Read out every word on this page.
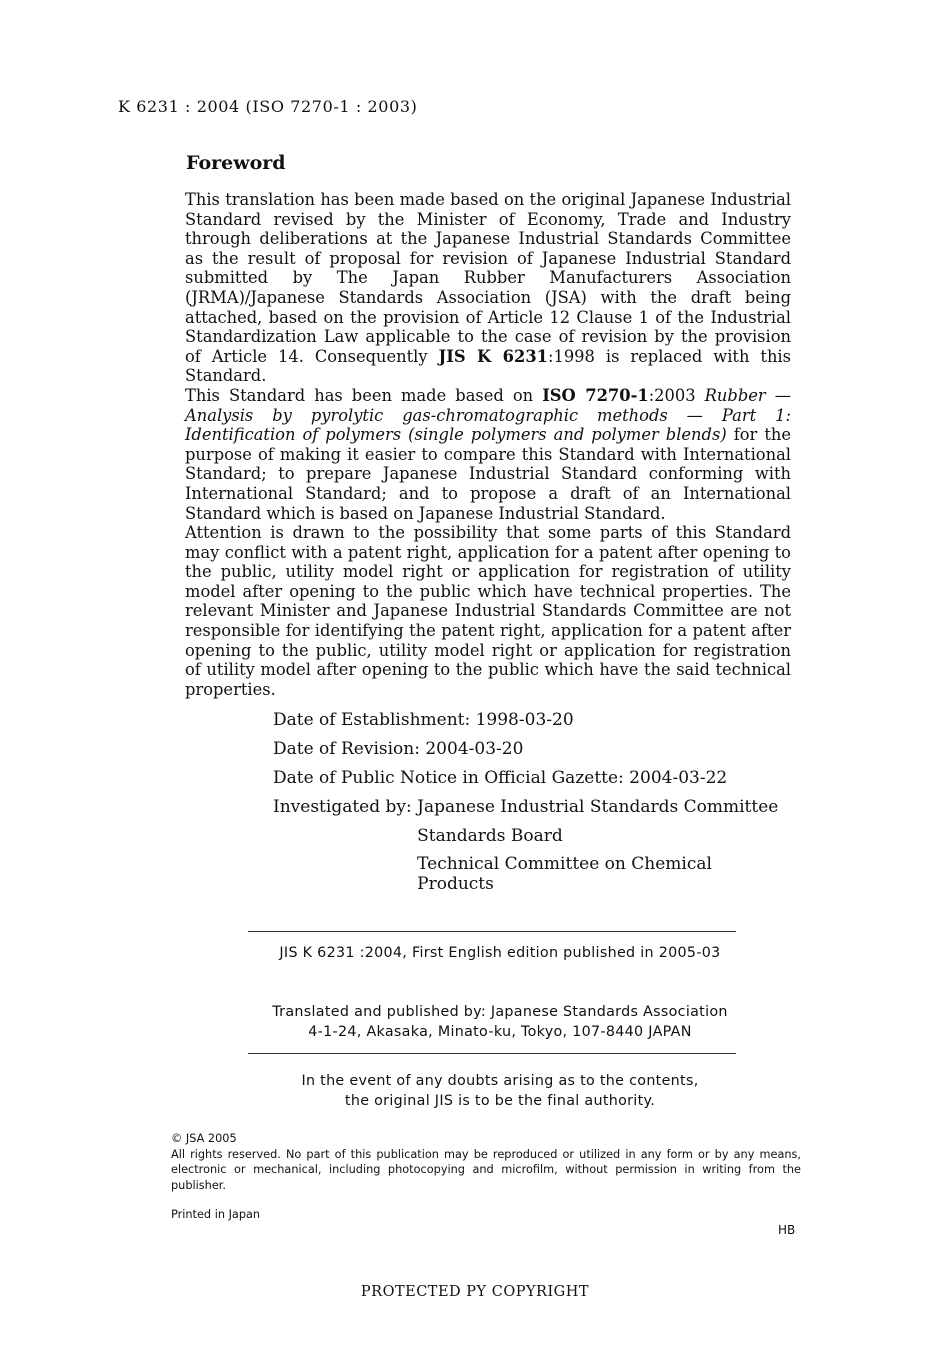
K 6231 : 2004 (ISO 7270-1 : 2003)
Foreword

This translation has been made based on the original Japanese Industrial Standard revised by the Minister of Economy, Trade and Industry through deliberations at the Japanese Industrial Standards Committee as the result of proposal for revision of Japanese Industrial Standard submitted by The Japan Rubber Manufacturers Association (JRMA)/Japanese Standards Association (JSA) with the draft being attached, based on the provision of Article 12 Clause 1 of the Industrial Standardization Law applicable to the case of revision by the provision of Article 14. Consequently JIS K 6231:1998 is replaced with this Standard.

This Standard has been made based on ISO 7270-1:2003 Rubber — Analysis by pyrolytic gas-chromatographic methods — Part 1: Identification of polymers (single polymers and polymer blends) for the purpose of making it easier to compare this Standard with International Standard; to prepare Japanese Industrial Standard conforming with International Standard; and to propose a draft of an International Standard which is based on Japanese Industrial Standard.

Attention is drawn to the possibility that some parts of this Standard may conflict with a patent right, application for a patent after opening to the public, utility model right or application for registration of utility model after opening to the public which have technical properties. The relevant Minister and Japanese Industrial Standards Committee are not responsible for identifying the patent right, application for a patent after opening to the public, utility model right or application for registration of utility model after opening to the public which have the said technical properties.

Date of Establishment: 1998-03-20
Date of Revision: 2004-03-20
Date of Public Notice in Official Gazette: 2004-03-22
Investigated by: Japanese Industrial Standards Committee
Standards Board
Technical Committee on Chemical Products
JIS K 6231 :2004, First English edition published in 2005-03
Translated and published by: Japanese Standards Association
4-1-24, Akasaka, Minato-ku, Tokyo, 107-8440 JAPAN
In the event of any doubts arising as to the contents,
the original JIS is to be the final authority.
© JSA 2005
All rights reserved. No part of this publication may be reproduced or utilized in any form or by any means, electronic or mechanical, including photocopying and microfilm, without permission in writing from the publisher.
Printed in Japan
HB
PROTECTED PY COPYRIGHT
